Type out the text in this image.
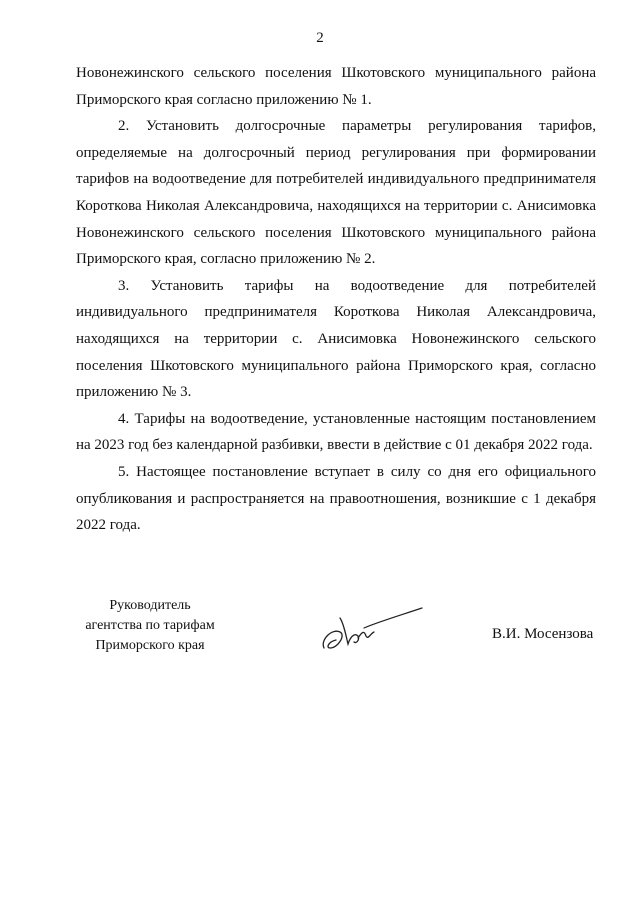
2

Новонежинского сельского поселения Шкотовского муниципального района Приморского края согласно приложению № 1.

2. Установить долгосрочные параметры регулирования тарифов, определяемые на долгосрочный период регулирования при формировании тарифов на водоотведение для потребителей индивидуального предпринимателя Короткова Николая Александровича, находящихся на территории с. Анисимовка Новонежинского сельского поселения Шкотовского муниципального района Приморского края, согласно приложению № 2.

3. Установить тарифы на водоотведение для потребителей индивидуального предпринимателя Короткова Николая Александровича, находящихся на территории с. Анисимовка Новонежинского сельского поселения Шкотовского муниципального района Приморского края, согласно приложению № 3.

4. Тарифы на водоотведение, установленные настоящим постановлением на 2023 год без календарной разбивки, ввести в действие с 01 декабря 2022 года.

5. Настоящее постановление вступает в силу со дня его официального опубликования и распространяется на правоотношения, возникшие с 1 декабря 2022 года.

Руководитель
агентства по тарифам
Приморского края
В.И. Мосензова
